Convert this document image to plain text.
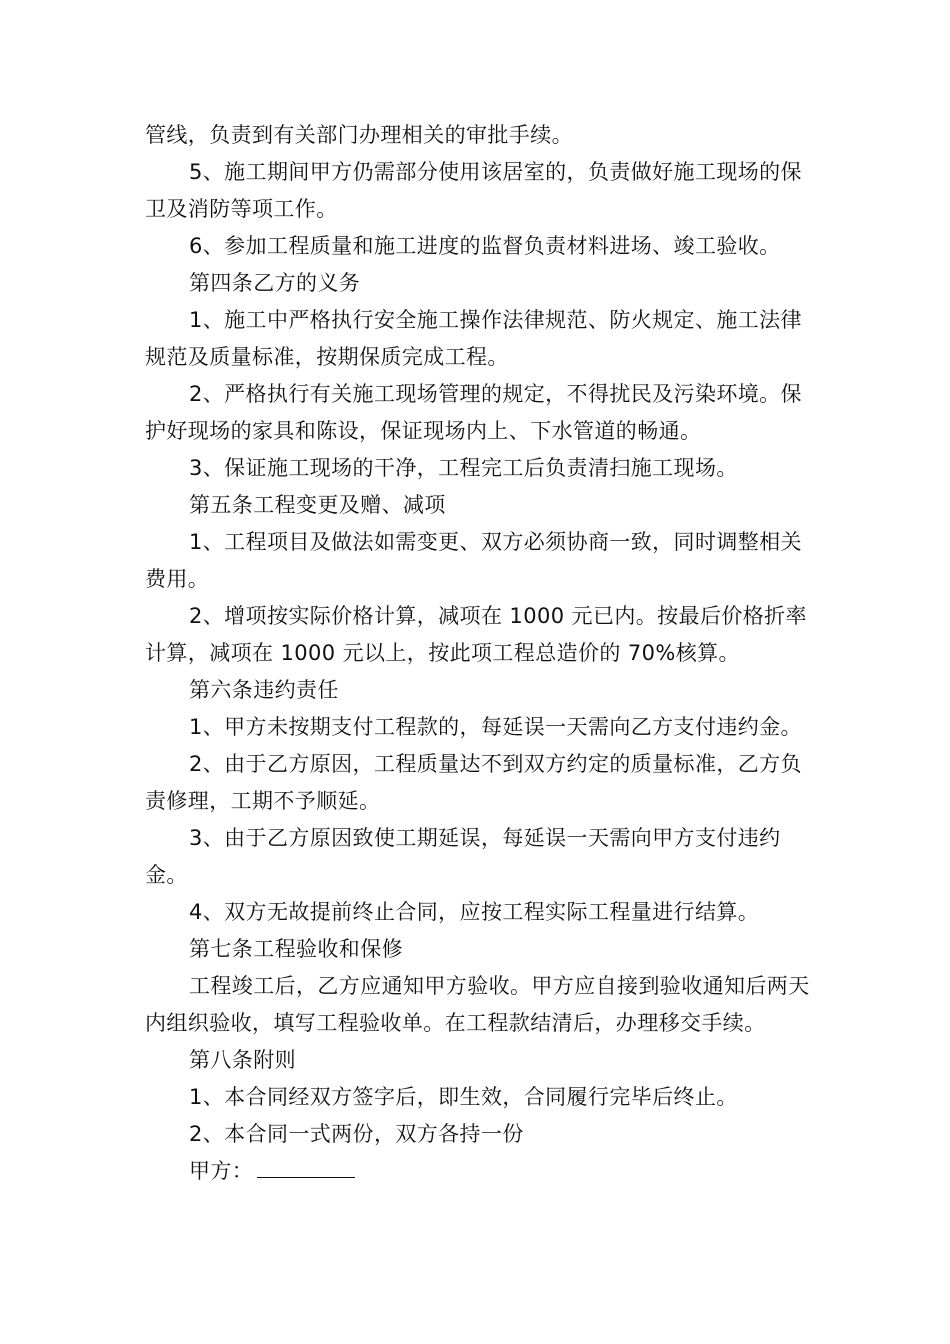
管线，负责到有关部门办理相关的审批手续。

5、施工期间甲方仍需部分使用该居室的，负责做好施工现场的保卫及消防等项工作。

6、参加工程质量和施工进度的监督负责材料进场、竣工验收。

第四条乙方的义务

1、施工中严格执行安全施工操作法律规范、防火规定、施工法律规范及质量标准，按期保质完成工程。

2、严格执行有关施工现场管理的规定，不得扰民及污染环境。保护好现场的家具和陈设，保证现场内上、下水管道的畅通。

3、保证施工现场的干净，工程完工后负责清扫施工现场。

第五条工程变更及赠、减项

1、工程项目及做法如需变更、双方必须协商一致，同时调整相关费用。

2、增项按实际价格计算，减项在 1000 元已内。按最后价格折率计算，减项在 1000 元以上，按此项工程总造价的 70%核算。

第六条违约责任

1、甲方未按期支付工程款的，每延误一天需向乙方支付违约金。

2、由于乙方原因，工程质量达不到双方约定的质量标准，乙方负责修理，工期不予顺延。

3、由于乙方原因致使工期延误，每延误一天需向甲方支付违约金。

4、双方无故提前终止合同，应按工程实际工程量进行结算。

第七条工程验收和保修

工程竣工后，乙方应通知甲方验收。甲方应自接到验收通知后两天内组织验收，填写工程验收单。在工程款结清后，办理移交手续。

第八条附则

1、本合同经双方签字后，即生效，合同履行完毕后终止。

2、本合同一式两份，双方各持一份

甲方：
